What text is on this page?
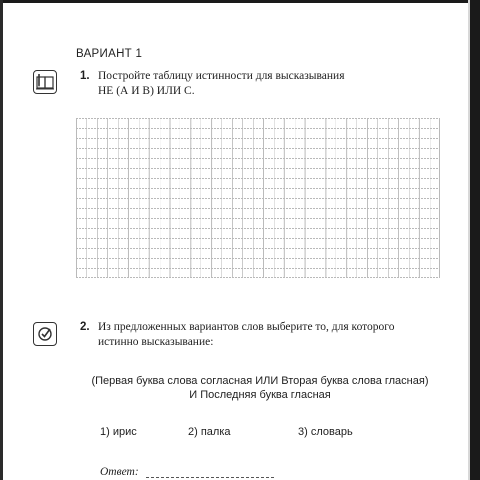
ВАРИАНТ 1
1. Постройте таблицу истинности для высказывания
НЕ (А И В) ИЛИ С.
2. Из предложенных вариантов слов выберите то, для которого
истинно высказывание:
(Первая буква слова согласная ИЛИ Вторая буква слова гласная)
И Последняя буква гласная
1) ирис	2) палка	3) словарь
Ответ:
